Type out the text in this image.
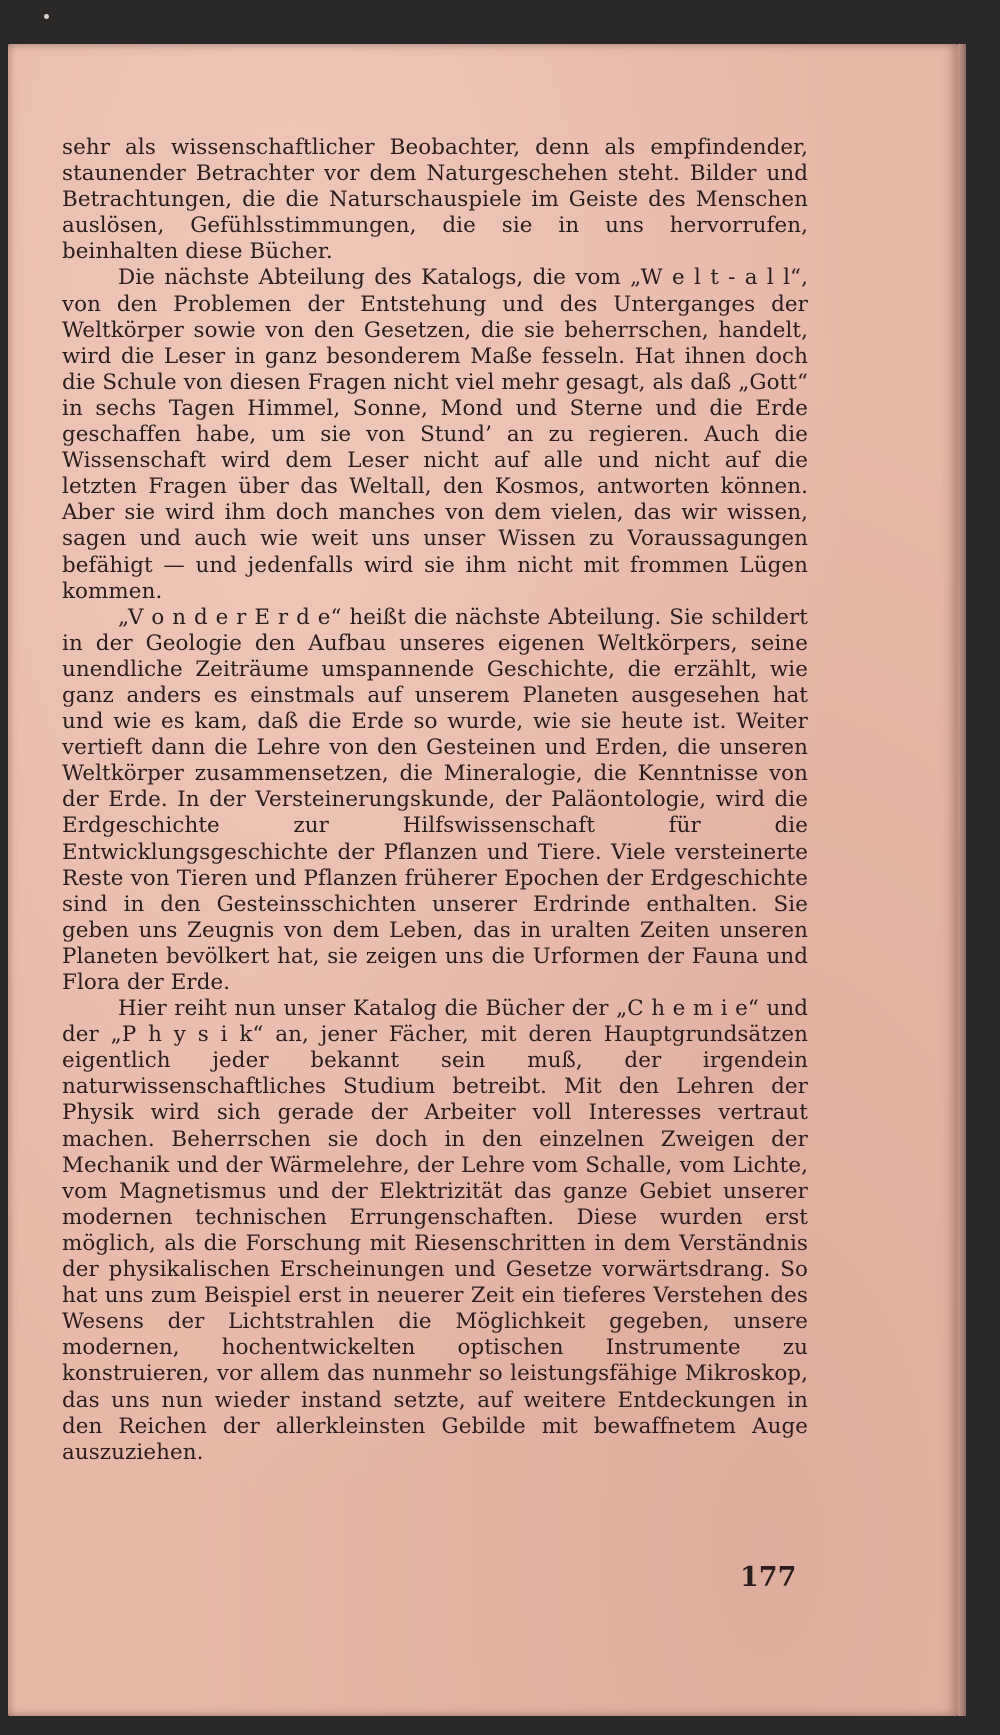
sehr als wissenschaftlicher Beobachter, denn als empfindender, staunender Betrachter vor dem Naturgeschehen steht. Bilder und Betrachtungen, die die Naturschauspiele im Geiste des Menschen auslösen, Gefühlsstimmungen, die sie in uns hervorrufen, beinhalten diese Bücher.

Die nächste Abteilung des Katalogs, die vom „W e l t - a l l“, von den Problemen der Entstehung und des Unterganges der Weltkörper sowie von den Gesetzen, die sie beherrschen, handelt, wird die Leser in ganz besonderem Maße fesseln. Hat ihnen doch die Schule von diesen Fragen nicht viel mehr gesagt, als daß „Gott“ in sechs Tagen Himmel, Sonne, Mond und Sterne und die Erde geschaffen habe, um sie von Stund’ an zu regieren. Auch die Wissenschaft wird dem Leser nicht auf alle und nicht auf die letzten Fragen über das Weltall, den Kosmos, antworten können. Aber sie wird ihm doch manches von dem vielen, das wir wissen, sagen und auch wie weit uns unser Wissen zu Voraussagungen befähigt — und jedenfalls wird sie ihm nicht mit frommen Lügen kommen.

„V o n d e r E r d e“ heißt die nächste Abteilung. Sie schildert in der Geologie den Aufbau unseres eigenen Weltkörpers, seine unendliche Zeiträume umspannende Geschichte, die erzählt, wie ganz anders es einstmals auf unserem Planeten ausgesehen hat und wie es kam, daß die Erde so wurde, wie sie heute ist. Weiter vertieft dann die Lehre von den Gesteinen und Erden, die unseren Weltkörper zusammensetzen, die Mineralogie, die Kenntnisse von der Erde. In der Versteinerungskunde, der Paläontologie, wird die Erdgeschichte zur Hilfswissenschaft für die Entwicklungsgeschichte der Pflanzen und Tiere. Viele versteinerte Reste von Tieren und Pflanzen früherer Epochen der Erdgeschichte sind in den Gesteinsschichten unserer Erdrinde enthalten. Sie geben uns Zeugnis von dem Leben, das in uralten Zeiten unseren Planeten bevölkert hat, sie zeigen uns die Urformen der Fauna und Flora der Erde.

Hier reiht nun unser Katalog die Bücher der „C h e m i e“ und der „P h y s i k“ an, jener Fächer, mit deren Hauptgrundsätzen eigentlich jeder bekannt sein muß, der irgendein naturwissenschaftliches Studium betreibt. Mit den Lehren der Physik wird sich gerade der Arbeiter voll Interesses vertraut machen. Beherrschen sie doch in den einzelnen Zweigen der Mechanik und der Wärmelehre, der Lehre vom Schalle, vom Lichte, vom Magnetismus und der Elektrizität das ganze Gebiet unserer modernen technischen Errungenschaften. Diese wurden erst möglich, als die Forschung mit Riesenschritten in dem Verständnis der physikalischen Erscheinungen und Gesetze vorwärtsdrang. So hat uns zum Beispiel erst in neuerer Zeit ein tieferes Verstehen des Wesens der Lichtstrahlen die Möglichkeit gegeben, unsere modernen, hochentwickelten optischen Instrumente zu konstruieren, vor allem das nunmehr so leistungsfähige Mikroskop, das uns nun wieder instand setzte, auf weitere Entdeckungen in den Reichen der allerkleinsten Gebilde mit bewaffnetem Auge auszuziehen.

177
